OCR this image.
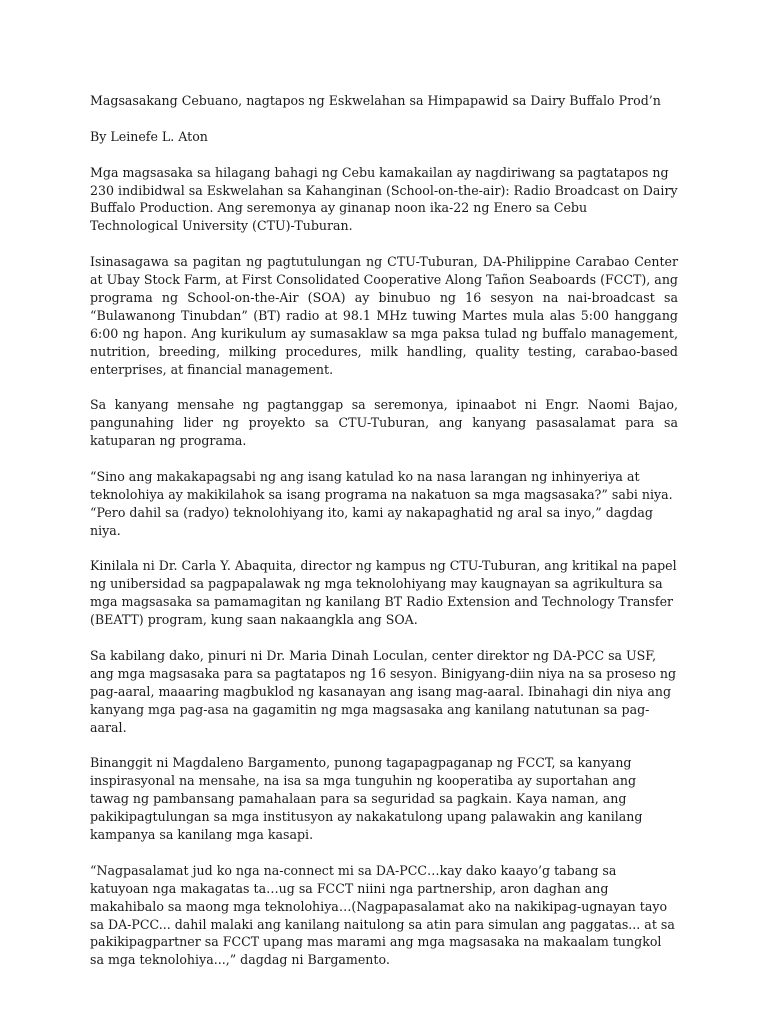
Magsasakang Cebuano, nagtapos ng Eskwelahan sa Himpapawid sa Dairy Buffalo Prod’n

By Leinefe L. Aton

Mga magsasaka sa hilagang bahagi ng Cebu kamakailan ay nagdiriwang sa pagtatapos ng 230 indibidwal sa Eskwelahan sa Kahanginan (School-on-the-air): Radio Broadcast on Dairy Buffalo Production. Ang seremonya ay ginanap noon ika-22 ng Enero sa Cebu Technological University (CTU)-Tuburan.

Isinasagawa sa pagitan ng pagtutulungan ng CTU-Tuburan, DA-Philippine Carabao Center at Ubay Stock Farm, at First Consolidated Cooperative Along Tañon Seaboards (FCCT), ang programa ng School-on-the-Air (SOA) ay binubuo ng 16 sesyon na nai-broadcast sa “Bulawanong Tinubdan” (BT) radio at 98.1 MHz tuwing Martes mula alas 5:00 hanggang 6:00 ng hapon. Ang kurikulum ay sumasaklaw sa mga paksa tulad ng buffalo management, nutrition, breeding, milking procedures, milk handling, quality testing, carabao-based enterprises, at financial management.

Sa kanyang mensahe ng pagtanggap sa seremonya, ipinaabot ni Engr. Naomi Bajao, pangunahing lider ng proyekto sa CTU-Tuburan, ang kanyang pasasalamat para sa katuparan ng programa.

“Sino ang makakapagsabi ng ang isang katulad ko na nasa larangan ng inhinyeriya at teknolohiya ay makikilahok sa isang programa na nakatuon sa mga magsasaka?” sabi niya. “Pero dahil sa (radyo) teknolohiyang ito, kami ay nakapaghatid ng aral sa inyo,” dagdag niya.

Kinilala ni Dr. Carla Y. Abaquita, director ng kampus ng CTU-Tuburan, ang kritikal na papel ng unibersidad sa pagpapalawak ng mga teknolohiyang may kaugnayan sa agrikultura sa mga magsasaka sa pamamagitan ng kanilang BT Radio Extension and Technology Transfer (BEATT) program, kung saan nakaangkla ang SOA.

Sa kabilang dako, pinuri ni Dr. Maria Dinah Loculan, center direktor ng DA-PCC sa USF, ang mga magsasaka para sa pagtatapos ng 16 sesyon. Binigyang-diin niya na sa proseso ng pag-aaral, maaaring magbuklod ng kasanayan ang isang mag-aaral. Ibinahagi din niya ang kanyang mga pag-asa na gagamitin ng mga magsasaka ang kanilang natutunan sa pag-aaral.

Binanggit ni Magdaleno Bargamento, punong tagapagpaganap ng FCCT, sa kanyang inspirasyonal na mensahe, na isa sa mga tunguhin ng kooperatiba ay suportahan ang tawag ng pambansang pamahalaan para sa seguridad sa pagkain. Kaya naman, ang pakikipagtulungan sa mga institusyon ay nakakatulong upang palawakin ang kanilang kampanya sa kanilang mga kasapi.

“Nagpasalamat jud ko nga na-connect mi sa DA-PCC…kay dako kaayo’g tabang sa katuyoan nga makagatas ta…ug sa FCCT niini nga partnership, aron daghan ang makahibalo sa maong mga teknolohiya…(Nagpapasalamat ako na nakikipag-ugnayan tayo sa DA-PCC... dahil malaki ang kanilang naitulong sa atin para simulan ang paggatas... at sa pakikipagpartner sa FCCT upang mas marami ang mga magsasaka na makaalam tungkol sa mga teknolohiya...,” dagdag ni Bargamento.
